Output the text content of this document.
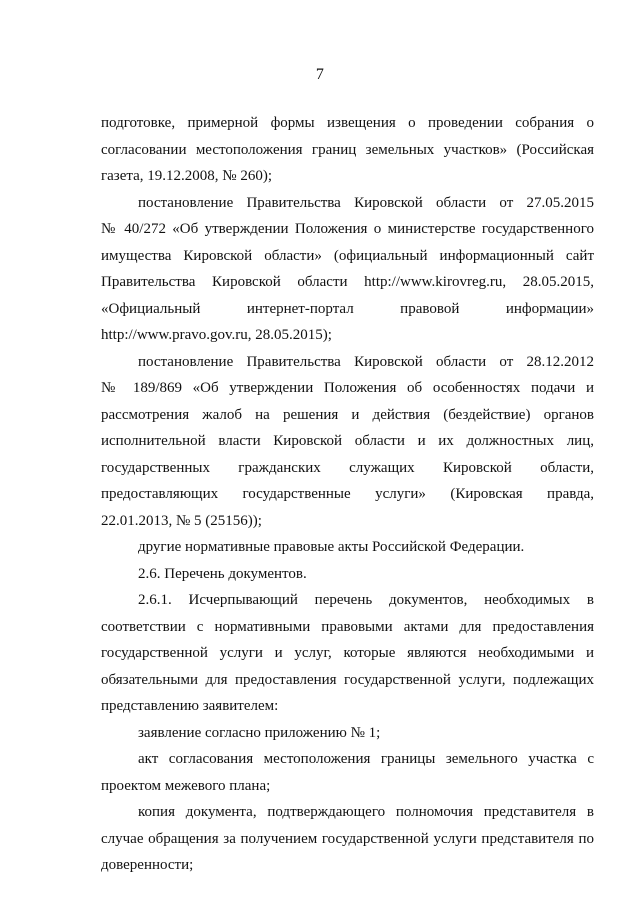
7
подготовке, примерной формы извещения о проведении собрания о
согласовании местоположения границ земельных участков» (Российская
газета, 19.12.2008, № 260);
постановление Правительства Кировской области от 27.05.2015
№ 40/272 «Об утверждении Положения о министерстве государственного
имущества Кировской области» (официальный информационный сайт
Правительства Кировской области http://www.kirovreg.ru, 28.05.2015,
«Официальный интернет-портал правовой информации»
http://www.pravo.gov.ru, 28.05.2015);
постановление Правительства Кировской области от 28.12.2012
№ 189/869 «Об утверждении Положения об особенностях подачи и
рассмотрения жалоб на решения и действия (бездействие) органов
исполнительной власти Кировской области и их должностных лиц,
государственных гражданских служащих Кировской области,
предоставляющих государственные услуги» (Кировская правда,
22.01.2013, № 5 (25156));
другие нормативные правовые акты Российской Федерации.
2.6. Перечень документов.
2.6.1. Исчерпывающий перечень документов, необходимых в
соответствии с нормативными правовыми актами для предоставления
государственной услуги и услуг, которые являются необходимыми и
обязательными для предоставления государственной услуги, подлежащих
представлению заявителем:
заявление согласно приложению № 1;
акт согласования местоположения границы земельного участка с
проектом межевого плана;
копия документа, подтверждающего полномочия представителя в
случае обращения за получением государственной услуги представителя по
доверенности;
